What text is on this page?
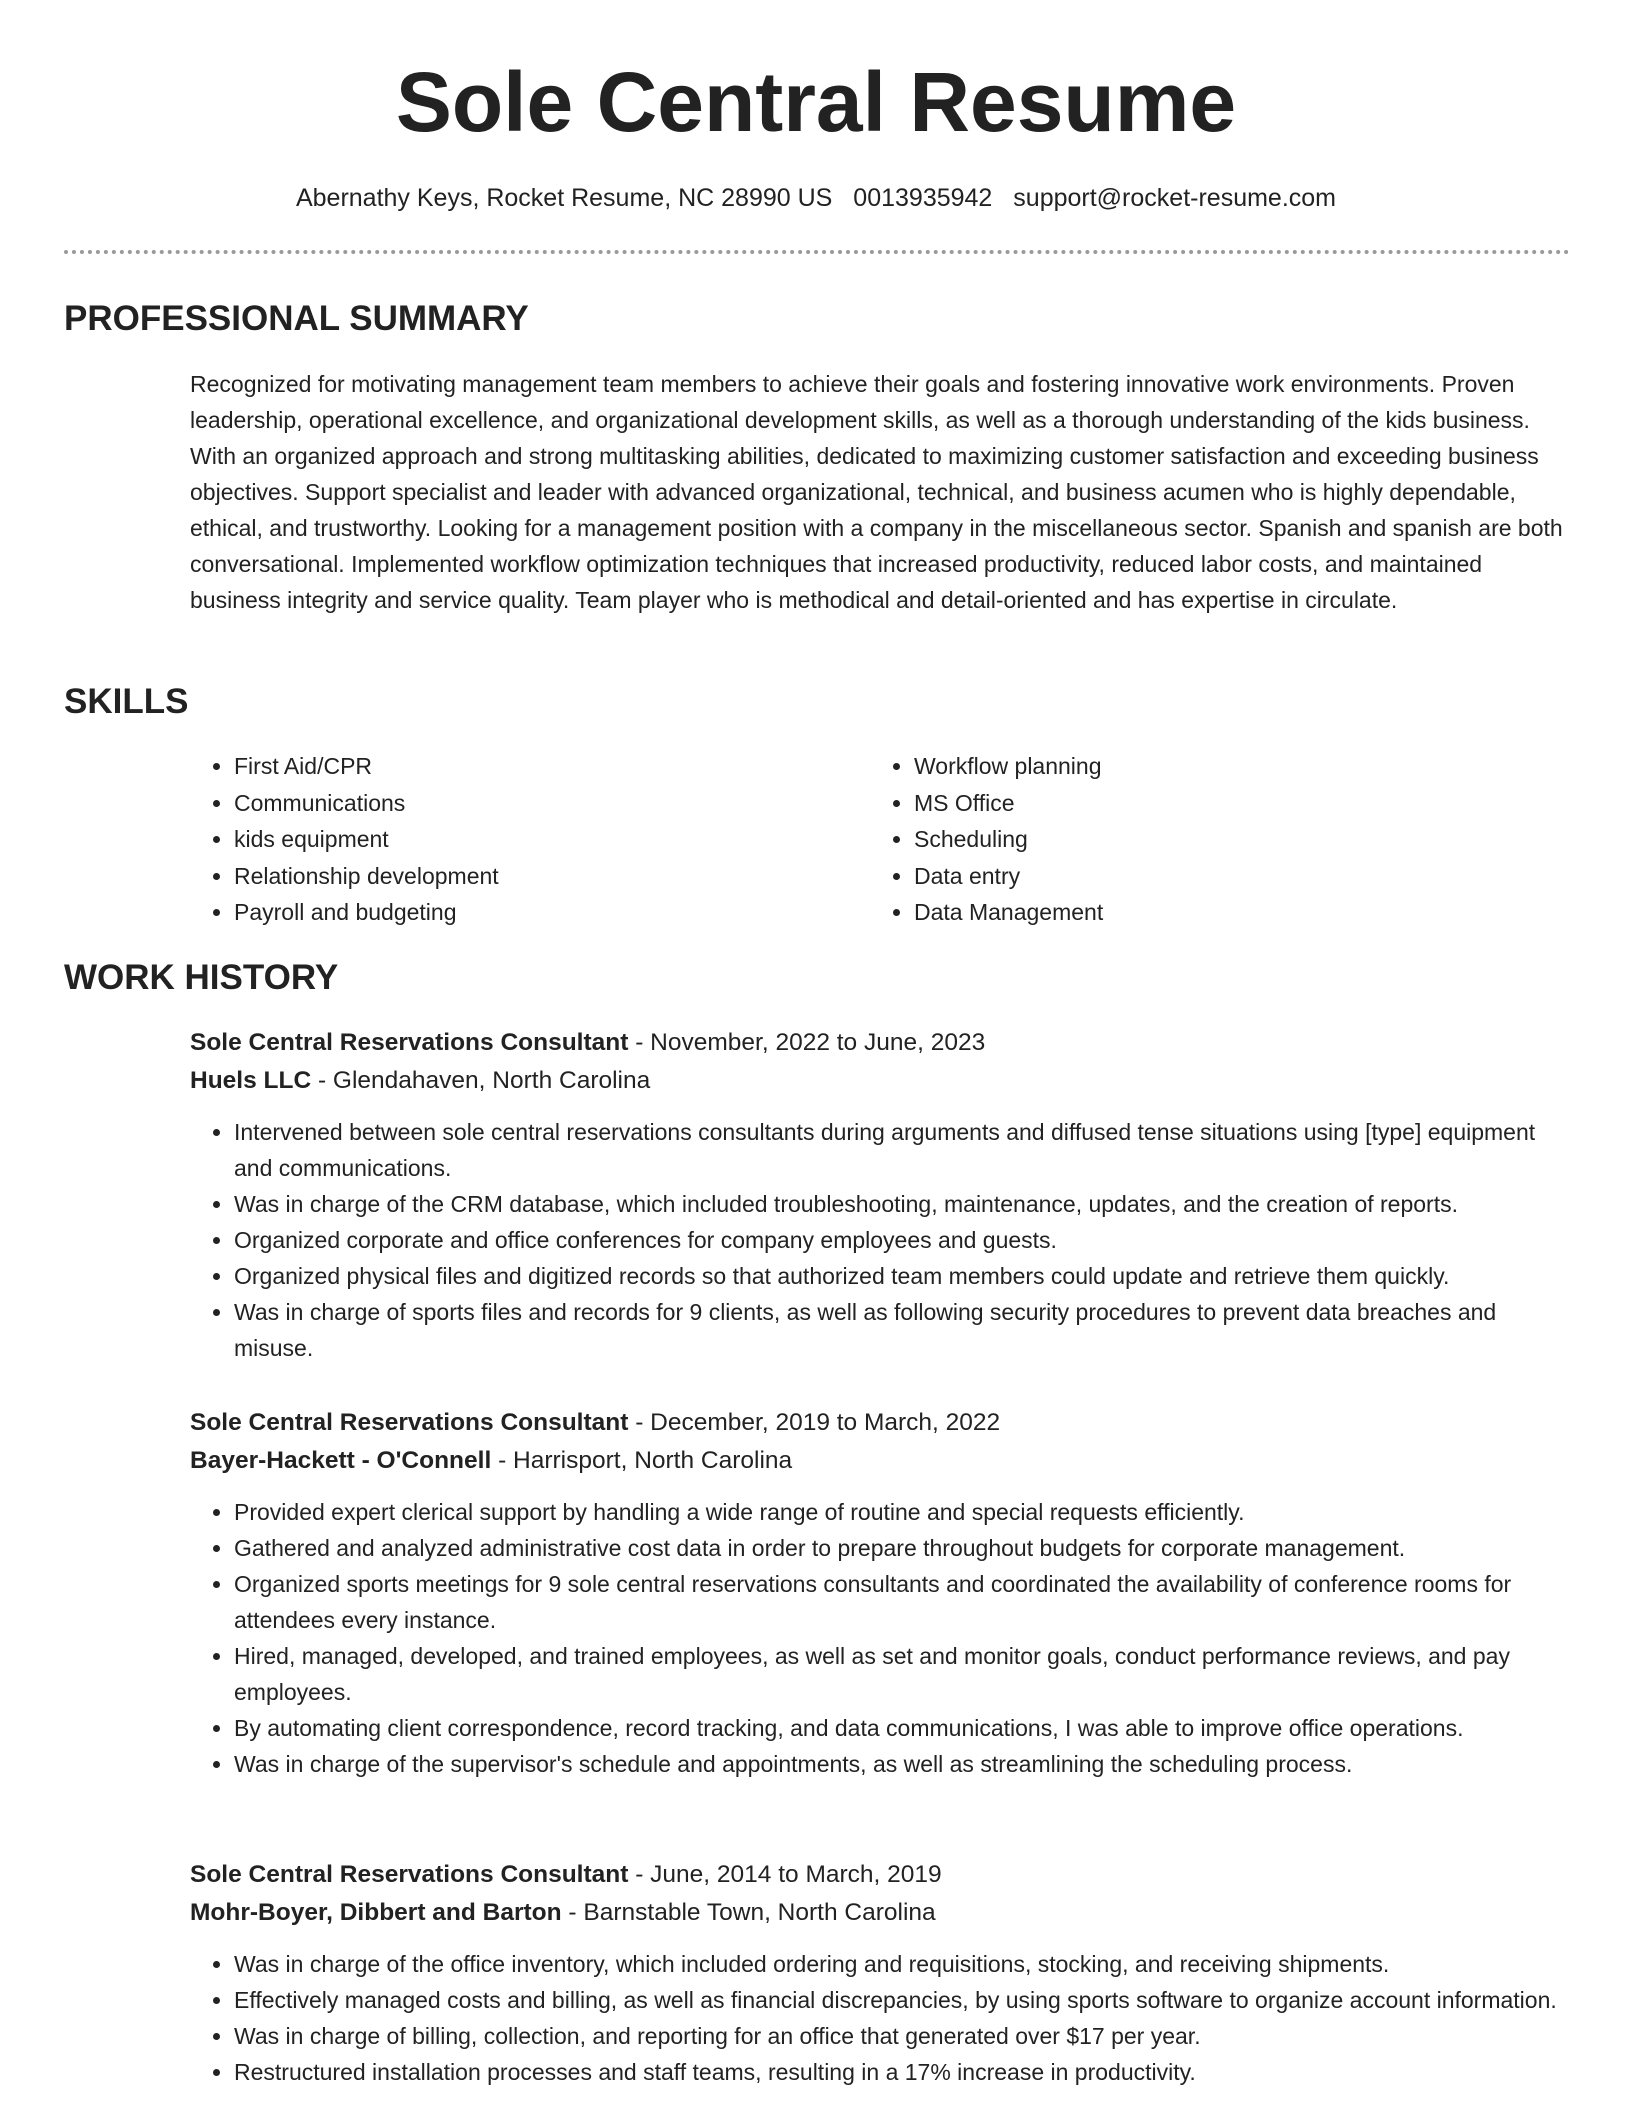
Sole Central Resume
Abernathy Keys, Rocket Resume, NC 28990 US 0013935942 support@rocket-resume.com
PROFESSIONAL SUMMARY

Recognized for motivating management team members to achieve their goals and fostering innovative work environments. Proven leadership, operational excellence, and organizational development skills, as well as a thorough understanding of the kids business. With an organized approach and strong multitasking abilities, dedicated to maximizing customer satisfaction and exceeding business objectives. Support specialist and leader with advanced organizational, technical, and business acumen who is highly dependable, ethical, and trustworthy. Looking for a management position with a company in the miscellaneous sector. Spanish and spanish are both conversational. Implemented workflow optimization techniques that increased productivity, reduced labor costs, and maintained business integrity and service quality. Team player who is methodical and detail-oriented and has expertise in circulate.

SKILLS
• First Aid/CPR
• Communications
• kids equipment
• Relationship development
• Payroll and budgeting
• Workflow planning
• MS Office
• Scheduling
• Data entry
• Data Management
WORK HISTORY

Sole Central Reservations Consultant - November, 2022 to June, 2023

Huels LLC - Glendahaven, North Carolina

• Intervened between sole central reservations consultants during arguments and diffused tense situations using [type] equipment and communications.
• Was in charge of the CRM database, which included troubleshooting, maintenance, updates, and the creation of reports.
• Organized corporate and office conferences for company employees and guests.
• Organized physical files and digitized records so that authorized team members could update and retrieve them quickly.
• Was in charge of sports files and records for 9 clients, as well as following security procedures to prevent data breaches and misuse.

Sole Central Reservations Consultant - December, 2019 to March, 2022

Bayer-Hackett - O'Connell - Harrisport, North Carolina

• Provided expert clerical support by handling a wide range of routine and special requests efficiently.
• Gathered and analyzed administrative cost data in order to prepare throughout budgets for corporate management.
• Organized sports meetings for 9 sole central reservations consultants and coordinated the availability of conference rooms for attendees every instance.
• Hired, managed, developed, and trained employees, as well as set and monitor goals, conduct performance reviews, and pay employees.
• By automating client correspondence, record tracking, and data communications, I was able to improve office operations.
• Was in charge of the supervisor's schedule and appointments, as well as streamlining the scheduling process.

Sole Central Reservations Consultant - June, 2014 to March, 2019

Mohr-Boyer, Dibbert and Barton - Barnstable Town, North Carolina

• Was in charge of the office inventory, which included ordering and requisitions, stocking, and receiving shipments.
• Effectively managed costs and billing, as well as financial discrepancies, by using sports software to organize account information.
• Was in charge of billing, collection, and reporting for an office that generated over $17 per year.
• Restructured installation processes and staff teams, resulting in a 17% increase in productivity.
